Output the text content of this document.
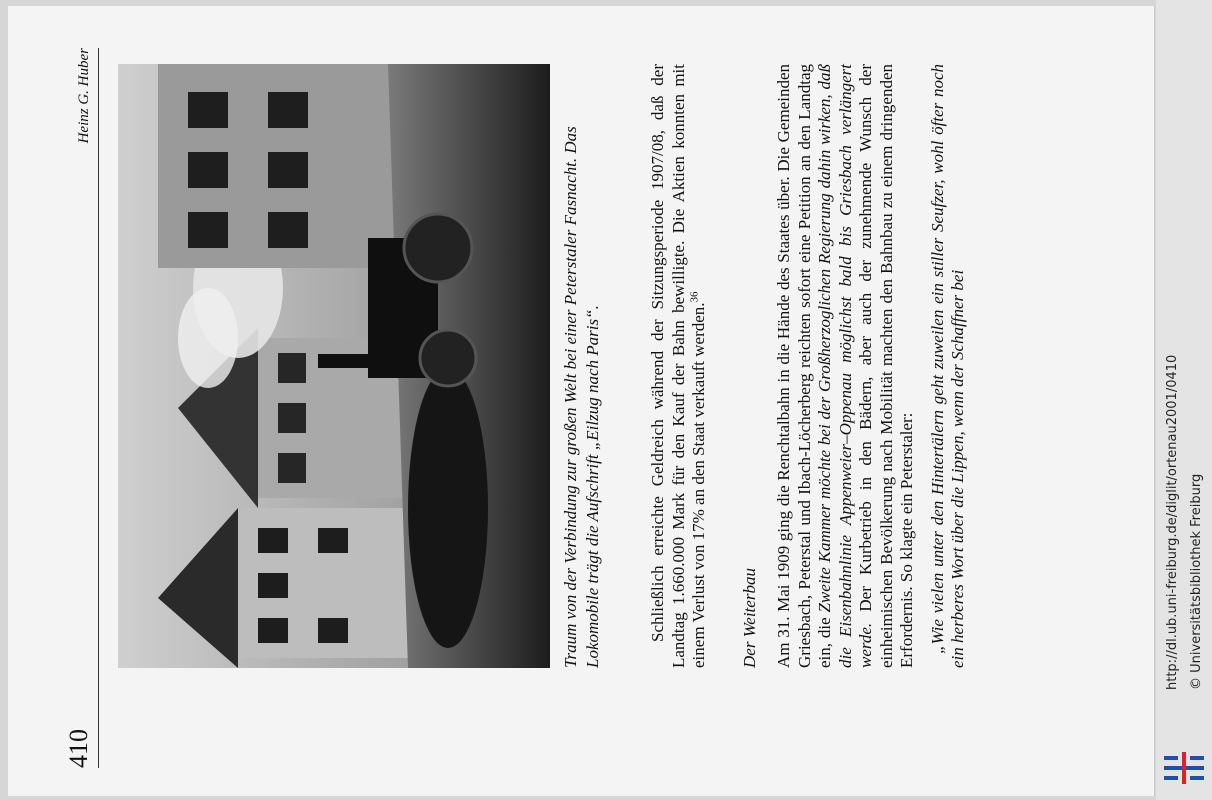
410
Heinz G. Huber
Traum von der Verbindung zur großen Welt bei einer Peterstaler Fasnacht. Das Lokomobile trägt die Aufschrift „Eilzug nach Paris“.	Schließlich erreichte Geldreich während der Sitzungsperiode 1907/08, daß der Landtag 1.660.000 Mark für den Kauf der Bahn bewilligte. Die Aktien konnten mit einem Verlust von 17% an den Staat verkauft werden.$^{36}$

Der Weiterbau Am 31. Mai 1909 ging die Renchtalbahn in die Hände des Staates über. Die Gemeinden Griesbach, Peterstal und Ibach-Löcherberg reichten sofort eine Petition an den Landtag ein, die Zweite Kammer möchte bei der Großherzoglichen Regierung dahin wirken, daß die Eisenbahnlinie Appenweier–Oppenau möglichst bald bis Griesbach verlängert werde. Der Kurbetrieb in den Bädern, aber auch der zunehmende Wunsch der einheimischen Bevölkerung nach Mobilität machten den Bahnbau zu einem dringenden Erfordernis. So klagte ein Peterstaler: „Wie vielen unter den Hintertälern geht zuweilen ein stiller Seufzer, wohl öfter noch ein herberes Wort über die Lippen, wenn der Schaffner bei	http://dl.ub.uni-freiburg.de/diglit/ortenau2001/0410 © Universitätsbibliothek Freiburg
